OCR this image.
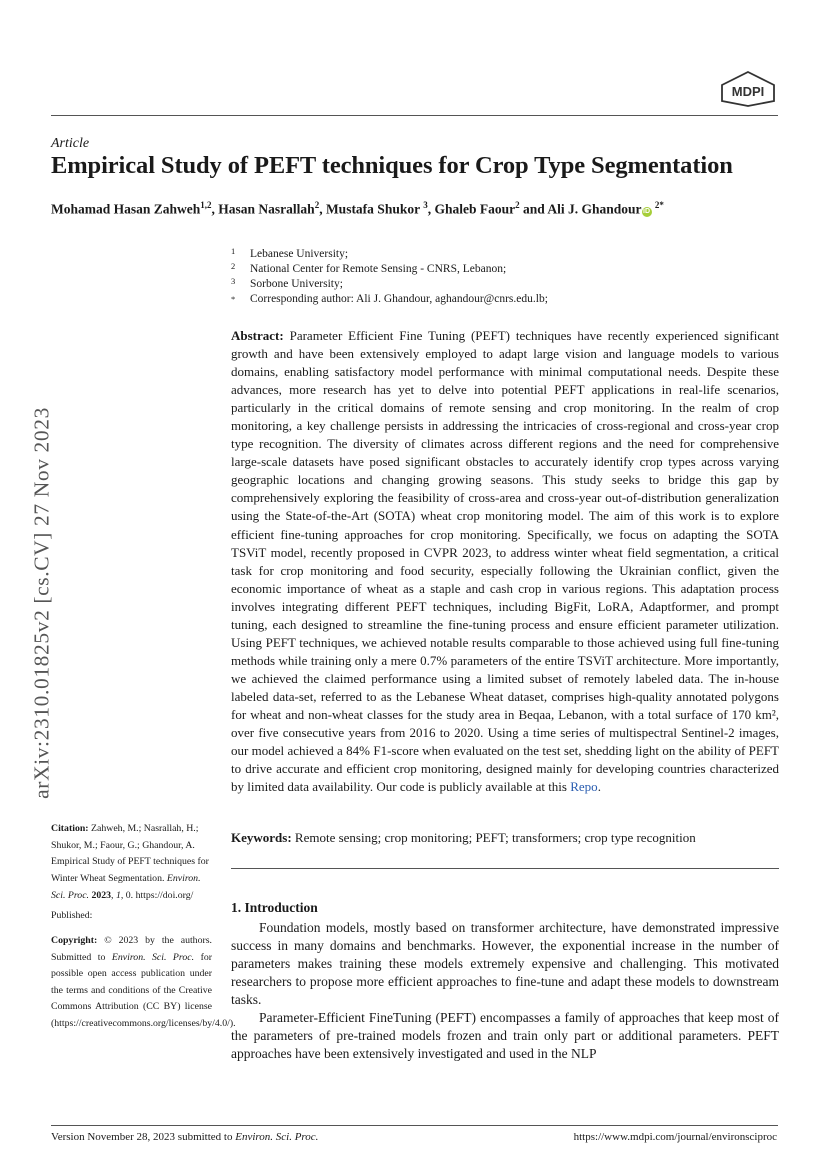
MDPI
Article
Empirical Study of PEFT techniques for Crop Type Segmentation
Mohamad Hasan Zahweh$^{1,2}$, Hasan Nasrallah$^2$, Mustafa Shukor $^3$, Ghaleb Faour$^2$ and Ali J. Ghandour iD $^{2*}$
1 Lebanese University;
2 National Center for Remote Sensing - CNRS, Lebanon;
3 Sorbone University;
* Corresponding author: Ali J. Ghandour, aghandour@cnrs.edu.lb;
Abstract: Parameter Efficient Fine Tuning (PEFT) techniques have recently experienced significant growth and have been extensively employed to adapt large vision and language models to various domains, enabling satisfactory model performance with minimal computational needs. Despite these advances, more research has yet to delve into potential PEFT applications in real-life scenarios, particularly in the critical domains of remote sensing and crop monitoring. In the realm of crop monitoring, a key challenge persists in addressing the intricacies of cross-regional and cross-year crop type recognition. The diversity of climates across different regions and the need for comprehensive large-scale datasets have posed significant obstacles to accurately identify crop types across varying geographic locations and changing growing seasons. This study seeks to bridge this gap by comprehensively exploring the feasibility of cross-area and cross-year out-of-distribution generalization using the State-of-the-Art (SOTA) wheat crop monitoring model. The aim of this work is to explore efficient fine-tuning approaches for crop monitoring. Specifically, we focus on adapting the SOTA TSViT model, recently proposed in CVPR 2023, to address winter wheat field segmentation, a critical task for crop monitoring and food security, especially following the Ukrainian conflict, given the economic importance of wheat as a staple and cash crop in various regions. This adaptation process involves integrating different PEFT techniques, including BigFit, LoRA, Adaptformer, and prompt tuning, each designed to streamline the fine-tuning process and ensure efficient parameter utilization. Using PEFT techniques, we achieved notable results comparable to those achieved using full fine-tuning methods while training only a mere 0.7% parameters of the entire TSViT architecture. More importantly, we achieved the claimed performance using a limited subset of remotely labeled data. The in-house labeled data-set, referred to as the Lebanese Wheat dataset, comprises high-quality annotated polygons for wheat and non-wheat classes for the study area in Beqaa, Lebanon, with a total surface of 170 km², over five consecutive years from 2016 to 2020. Using a time series of multispectral Sentinel-2 images, our model achieved a 84% F1-score when evaluated on the test set, shedding light on the ability of PEFT to drive accurate and efficient crop monitoring, designed mainly for developing countries characterized by limited data availability. Our code is publicly available at this Repo.
Keywords: Remote sensing; crop monitoring; PEFT; transformers; crop type recognition
arXiv:2310.01825v2 [cs.CV] 27 Nov 2023
Citation: Zahweh, M.; Nasrallah, H.; Shukor, M.; Faour, G.; Ghandour, A. Empirical Study of PEFT techniques for Winter Wheat Segmentation. Environ. Sci. Proc. 2023, 1, 0. https://doi.org/
Published:
Copyright: © 2023 by the authors. Submitted to Environ. Sci. Proc. for possible open access publication under the terms and conditions of the Creative Commons Attribution (CC BY) license (https://creativecommons.org/licenses/by/4.0/).
1. Introduction

Foundation models, mostly based on transformer architecture, have demonstrated impressive success in many domains and benchmarks. However, the exponential increase in the number of parameters makes training these models extremely expensive and challenging. This motivated researchers to propose more efficient approaches to fine-tune and adapt these models to downstream tasks.

Parameter-Efficient FineTuning (PEFT) encompasses a family of approaches that keep most of the parameters of pre-trained models frozen and train only part or additional parameters. PEFT approaches have been extensively investigated and used in the NLP

Version November 28, 2023 submitted to Environ. Sci. Proc.	https://www.mdpi.com/journal/environsciproc
